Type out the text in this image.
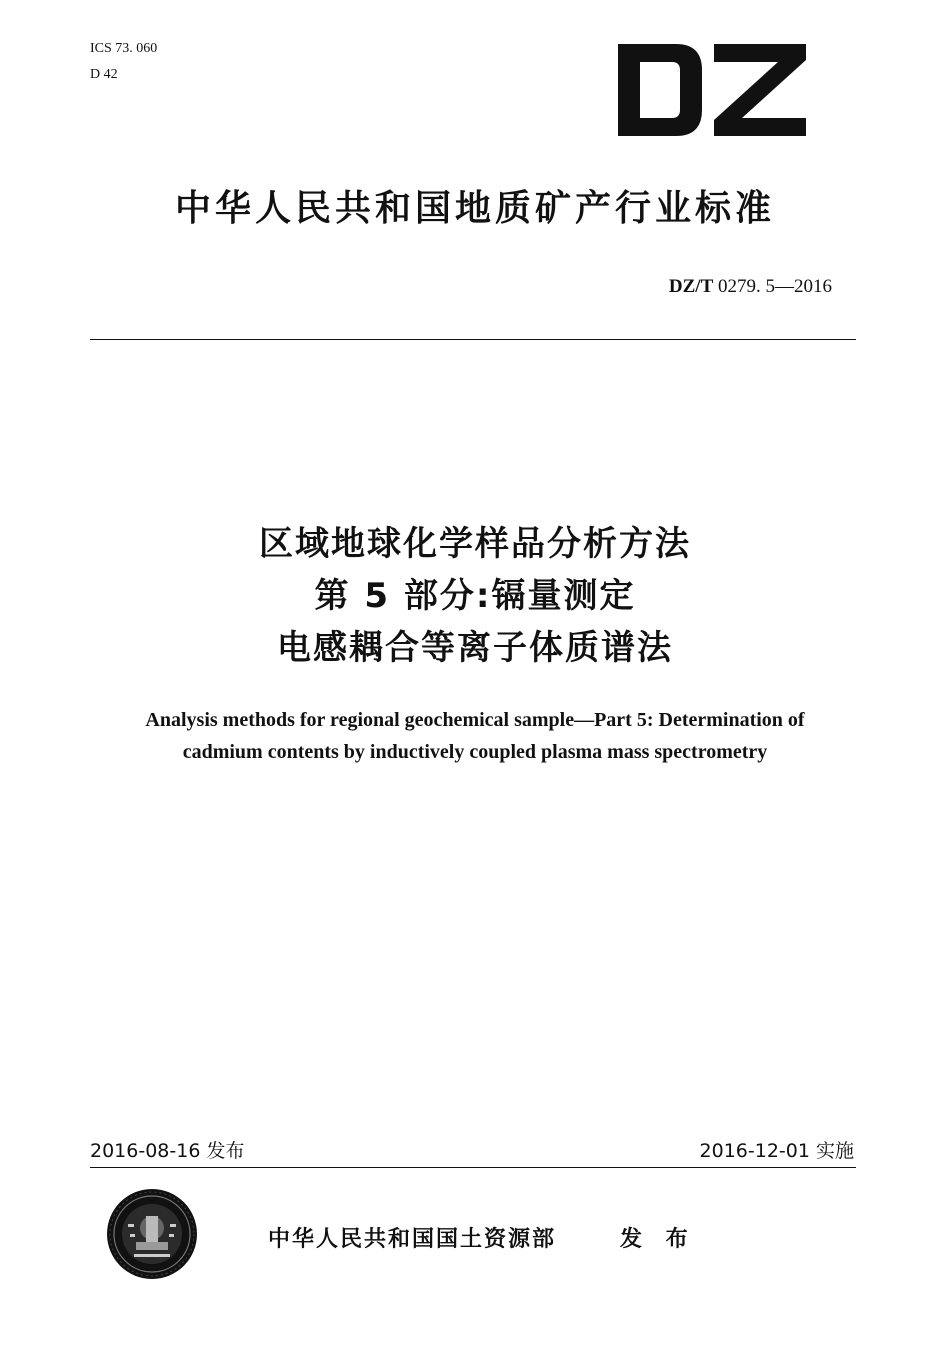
ICS 73. 060
D 42
中华人民共和国地质矿产行业标准
DZ/T 0279. 5—2016
区域地球化学样品分析方法
第 5 部分:镉量测定
电感耦合等离子体质谱法
Analysis methods for regional geochemical sample—Part 5: Determination of
cadmium contents by inductively coupled plasma mass spectrometry
2016-08-16 发布	2016-12-01 实施
中华人民共和国国土资源部	发 布
